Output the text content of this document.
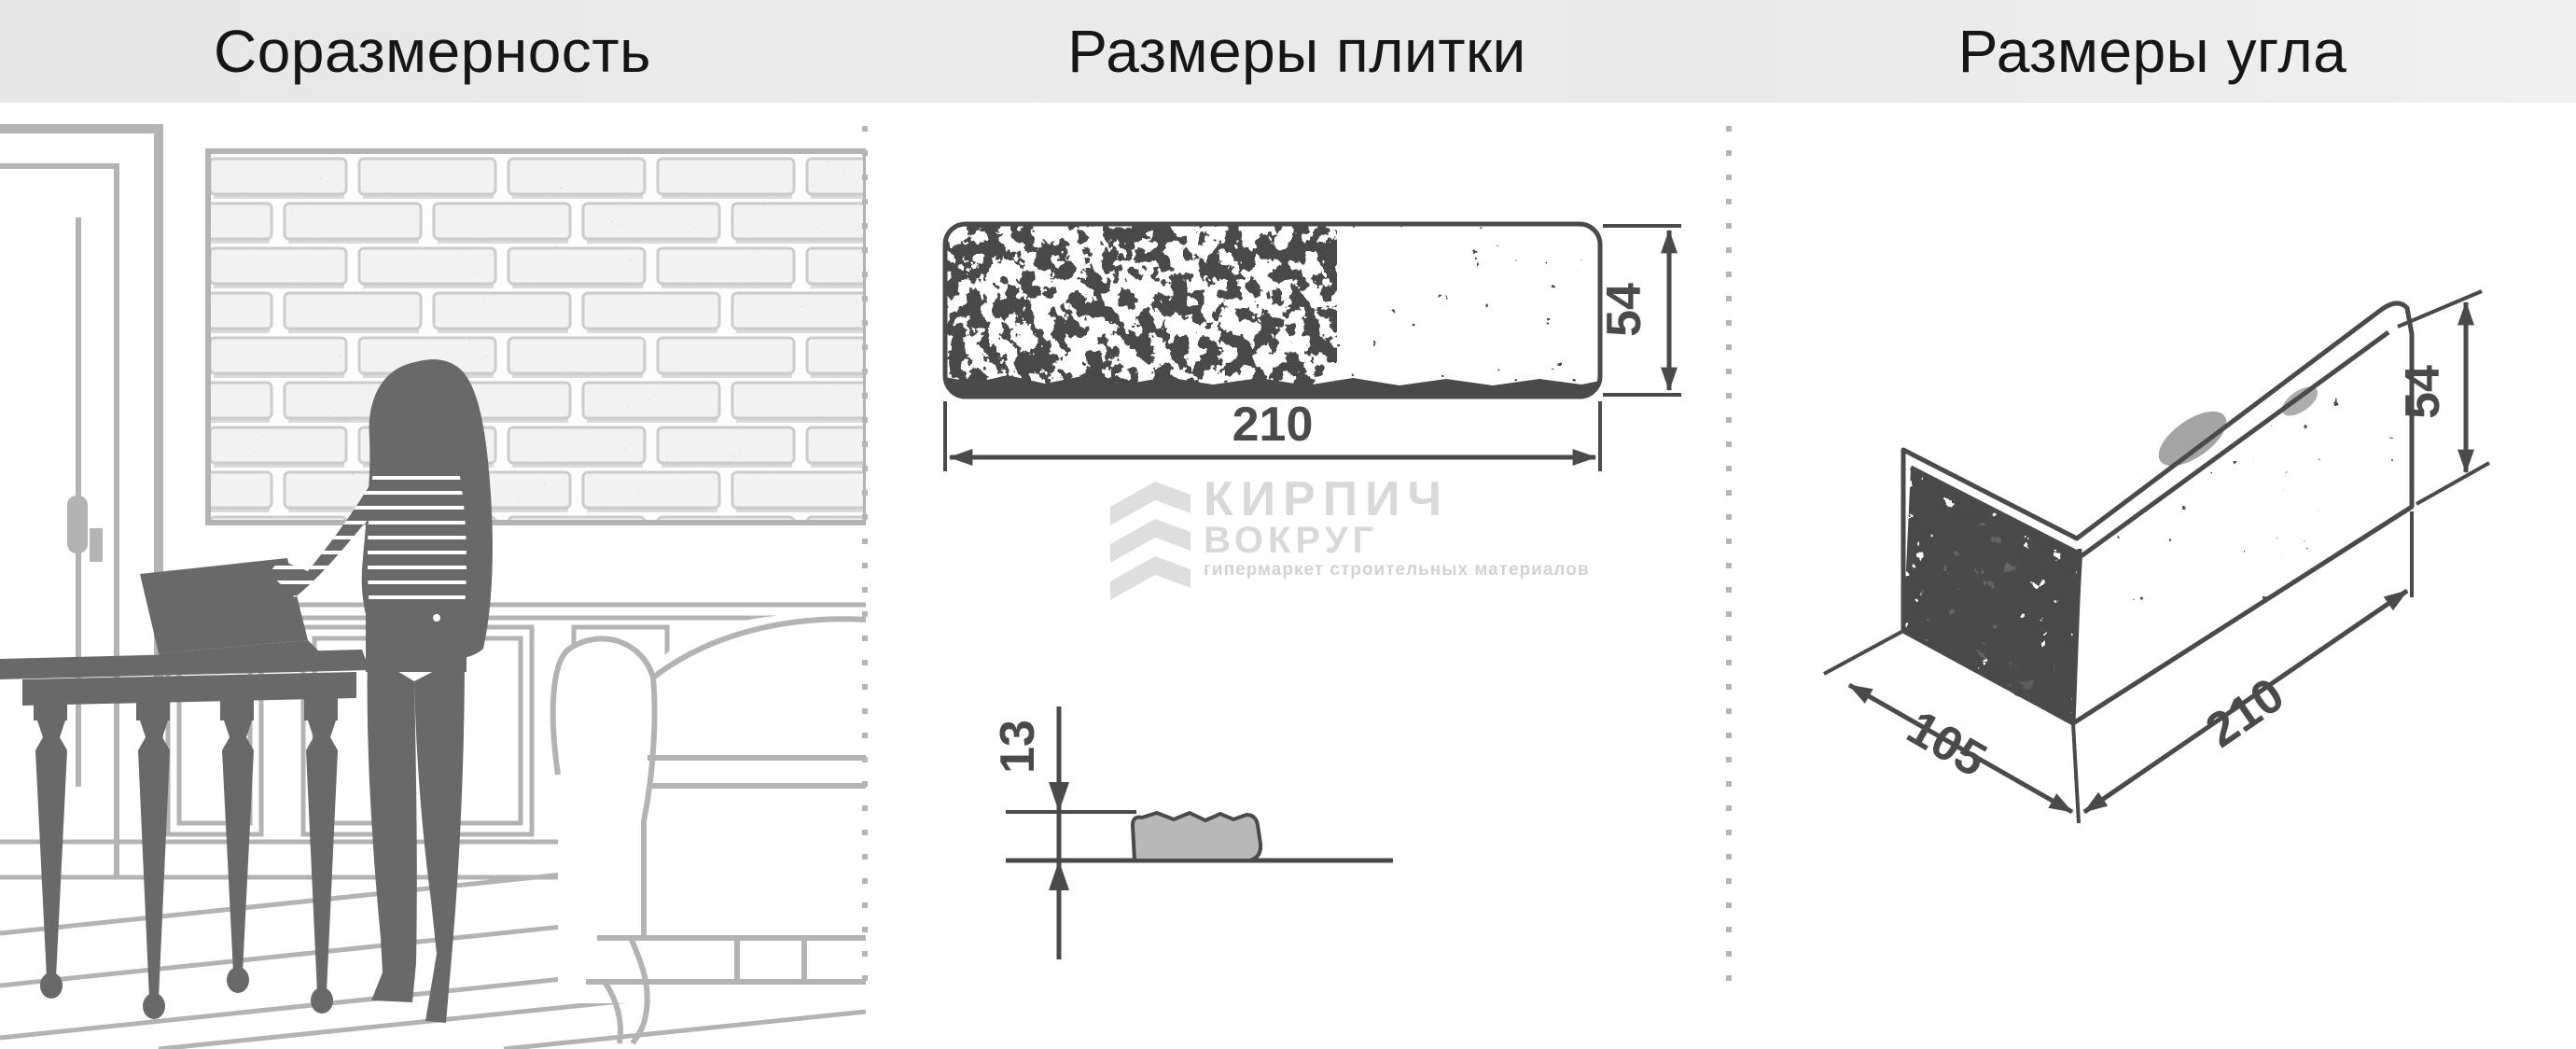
Соразмерность	Размеры плитки	Размеры угла
КИРПИЧ
ВОКРУГ
гипермаркет строительных материалов
210
54
13	105	210
54
